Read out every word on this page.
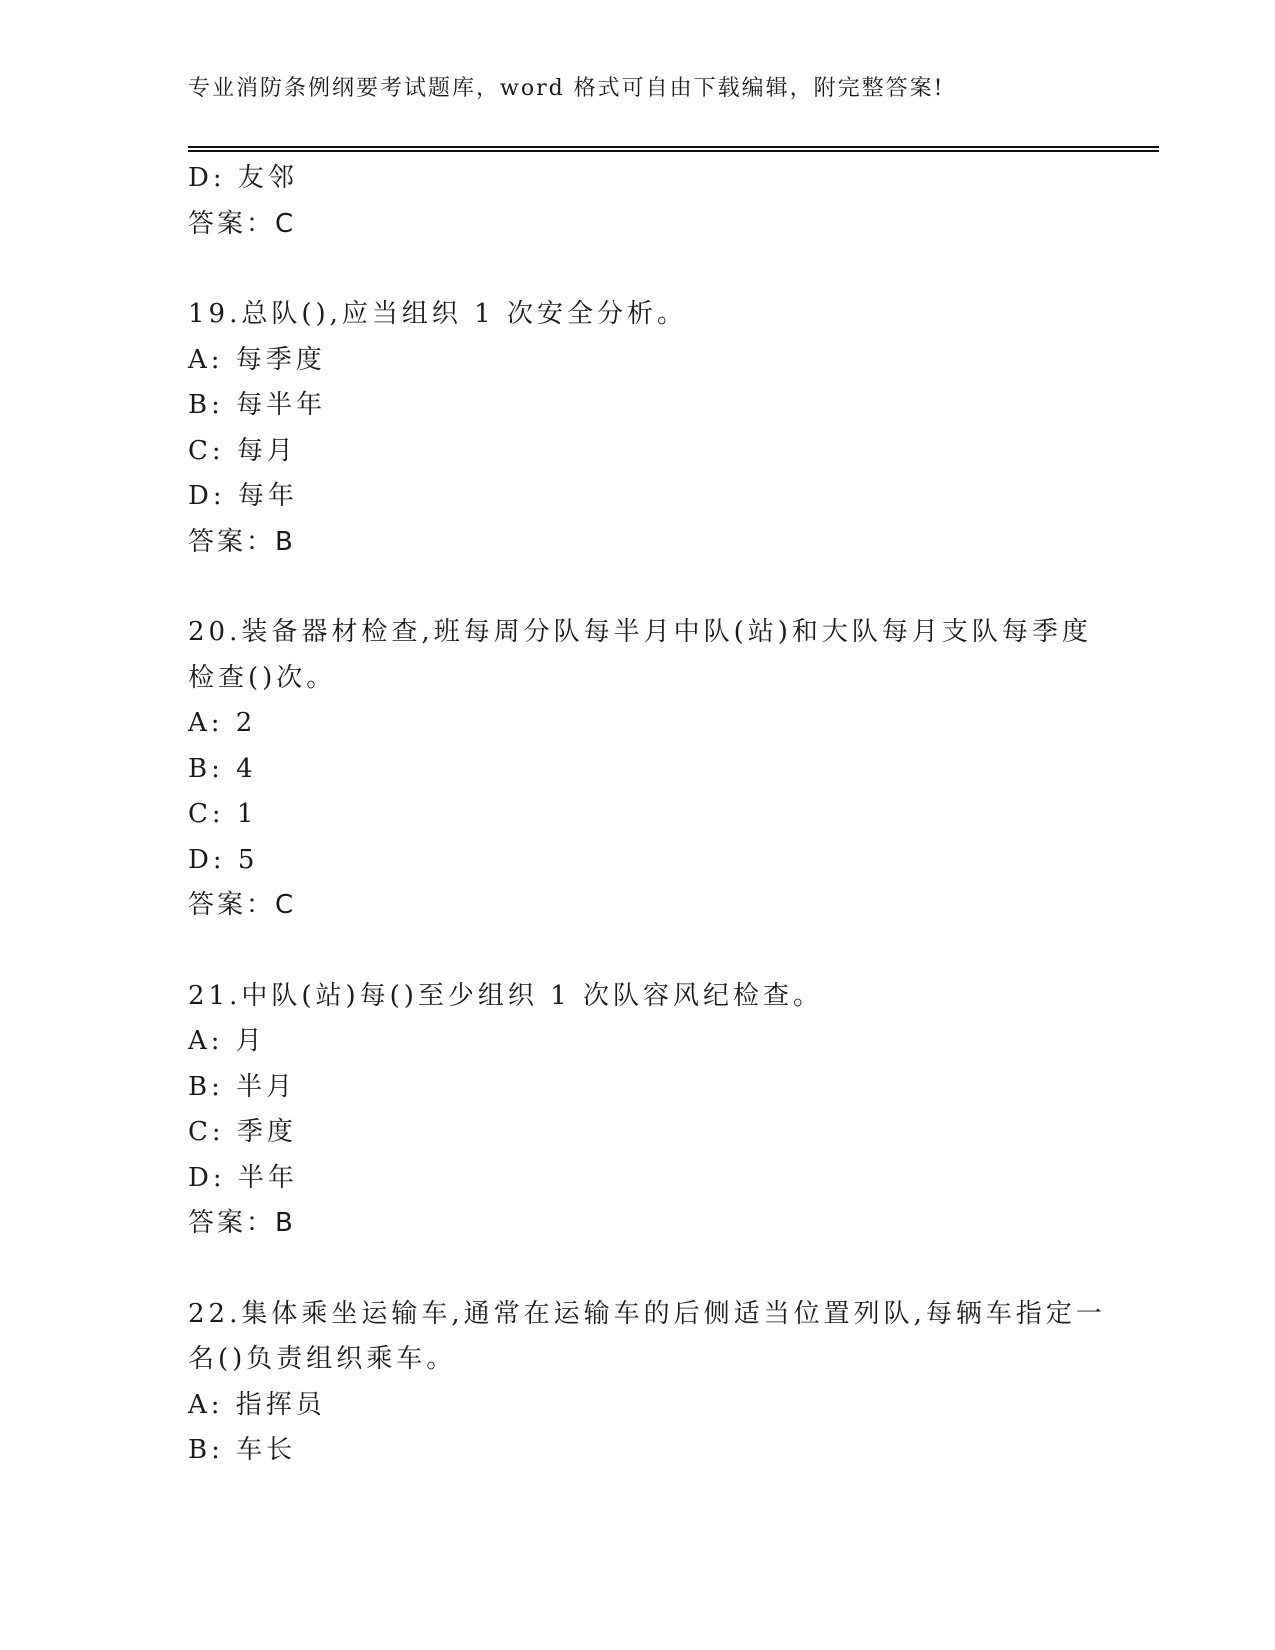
专业消防条例纲要考试题库，word 格式可自由下载编辑，附完整答案!
D: 友邻
答案：C
19.总队(),应当组织 1 次安全分析。
A: 每季度
B: 每半年
C: 每月
D: 每年
答案：B
20.装备器材检查,班每周分队每半月中队(站)和大队每月支队每季度
检查()次。
A: 2
B: 4
C: 1
D: 5
答案：C
21.中队(站)每()至少组织 1 次队容风纪检查。
A: 月
B: 半月
C: 季度
D: 半年
答案：B
22.集体乘坐运输车,通常在运输车的后侧适当位置列队,每辆车指定一
名()负责组织乘车。
A: 指挥员
B: 车长
